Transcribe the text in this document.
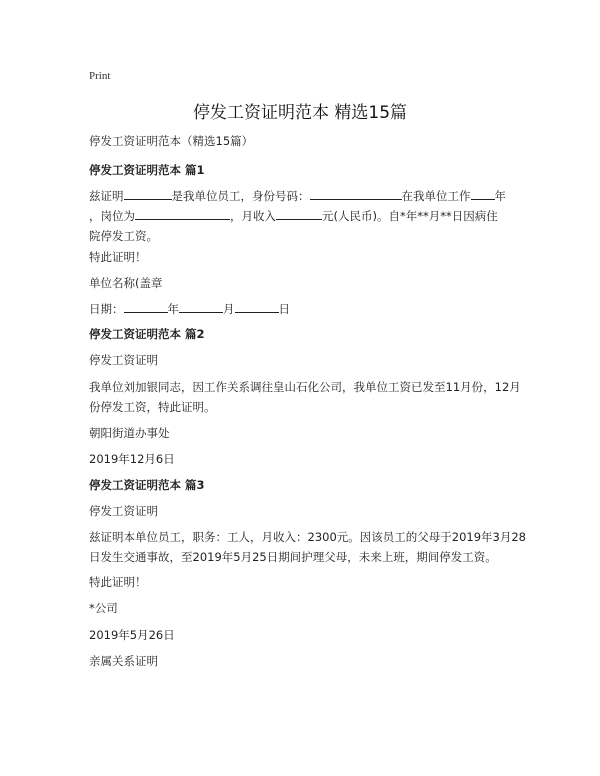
Print
停发工资证明范本 精选15篇
停发工资证明范本（精选15篇）
停发工资证明范本 篇1
兹证明	是我单位员工，身份号码：	在我单位工作 年
，岗位为	，月收入	元(人民币)。自*年**月**日因病住
院停发工资。
特此证明！
单位名称(盖章
日期：	年	月	日
停发工资证明范本 篇2
停发工资证明
我单位刘加银同志，因工作关系调往皇山石化公司，我单位工资已发至11月份，12月份停发工资，特此证明。
朝阳街道办事处
2019年12月6日
停发工资证明范本 篇3
停发工资证明
兹证明本单位员工，职务：工人，月收入：2300元。因该员工的父母于2019年3月28日发生交通事故，至2019年5月25日期间护理父母，未来上班，期间停发工资。
特此证明！
*公司
2019年5月26日
亲属关系证明
